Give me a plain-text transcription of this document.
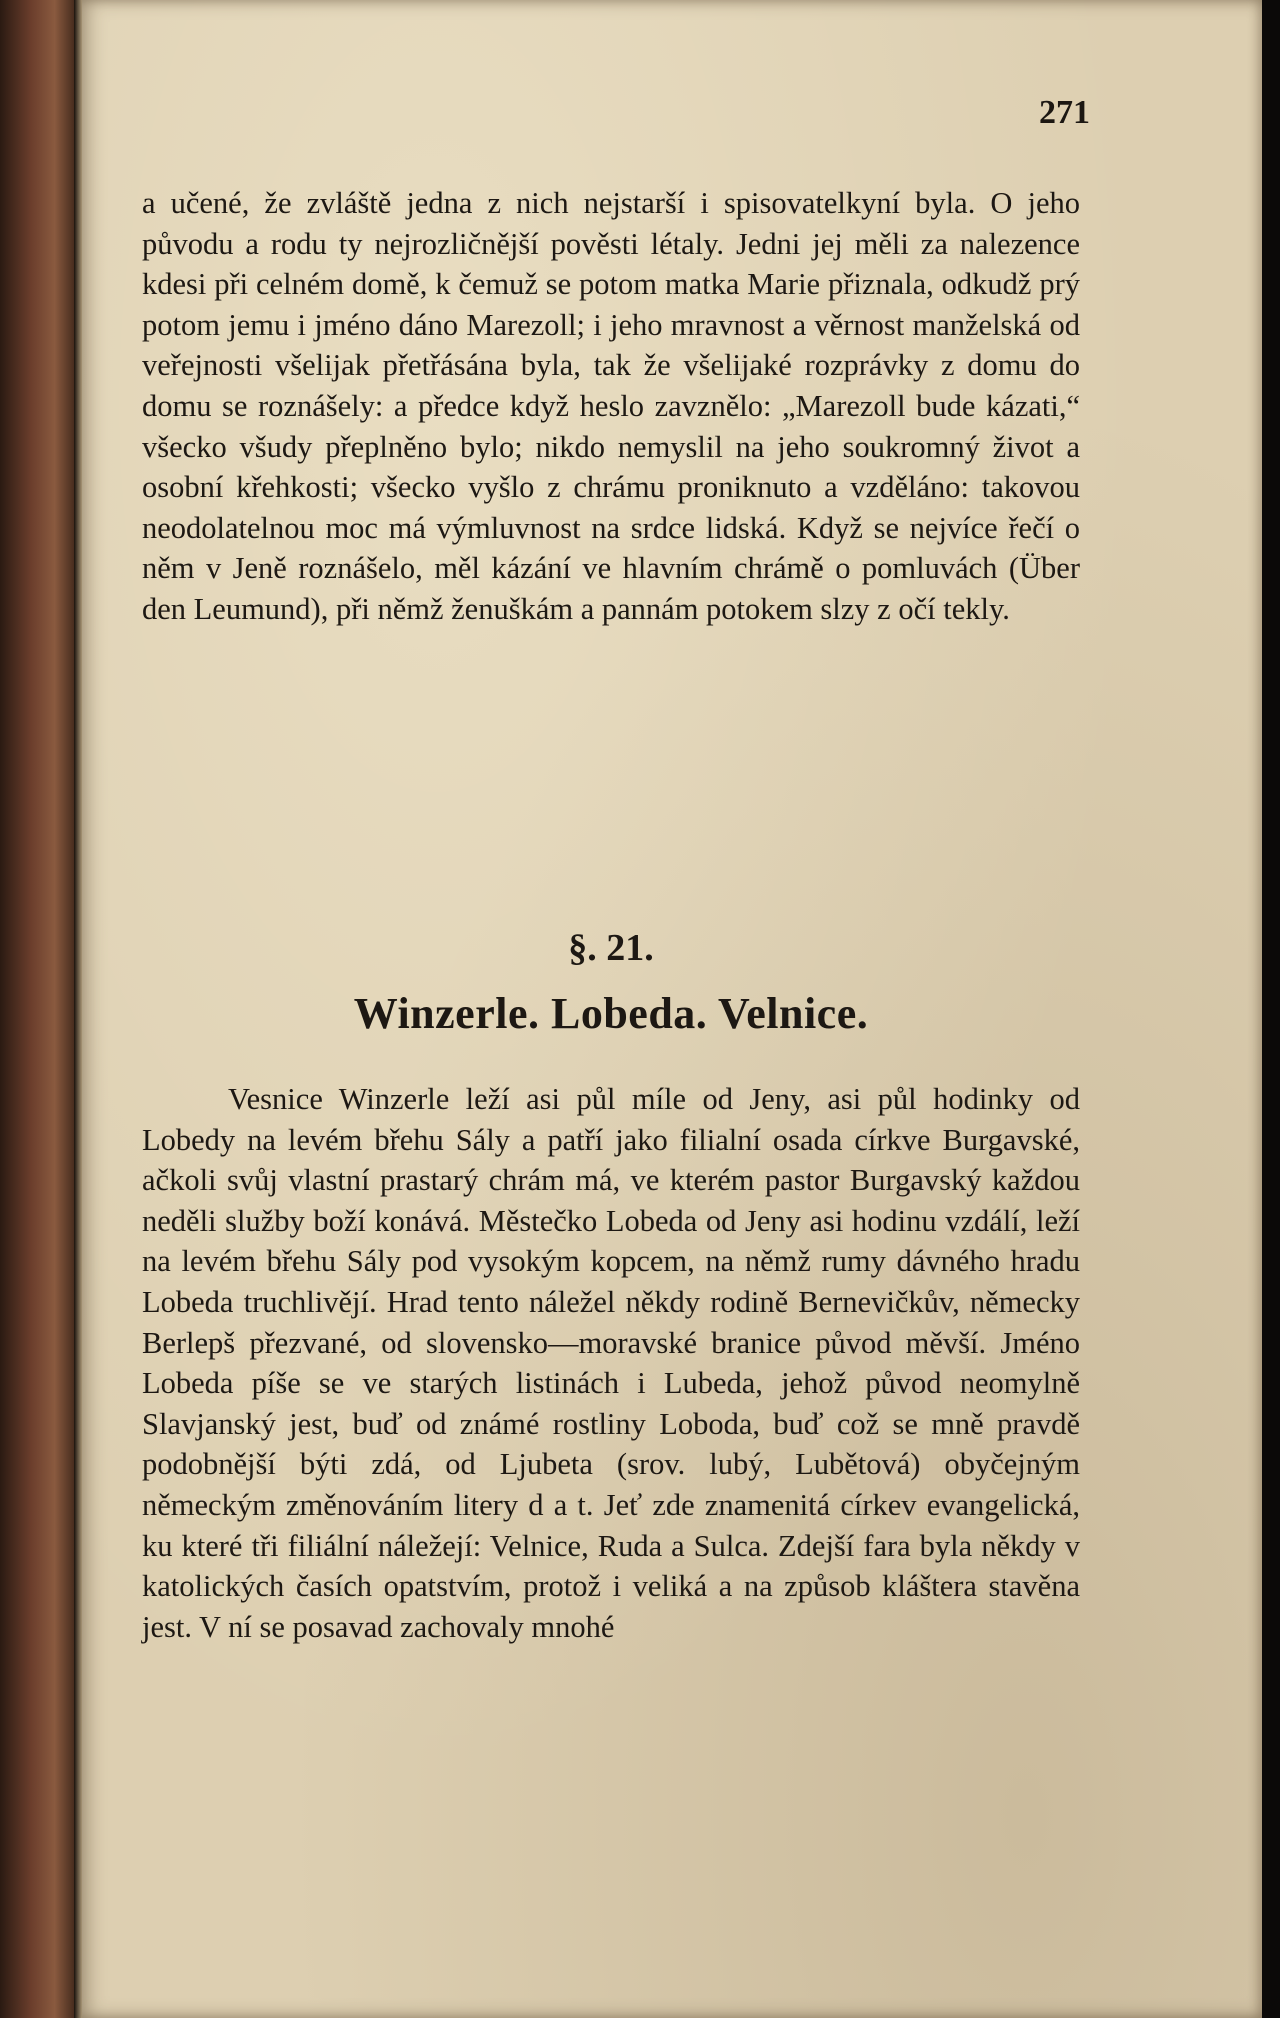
271

a učené, že zvláště jedna z nich nejstarší i spisovatelkyní byla. O jeho původu a rodu ty nejrozličnější pověsti létaly. Jedni jej měli za nalezence kdesi při celném domě, k čemuž se potom matka Marie přiznala, odkudž prý potom jemu i jméno dáno Marezoll; i jeho mravnost a věrnost manželská od veřejnosti všelijak přetřásána byla, tak že všelijaké rozprávky z domu do domu se roznášely: a předce když heslo zavznělo: „Marezoll bude kázati,“ všecko všudy přeplněno bylo; nikdo nemyslil na jeho soukromný život a osobní křehkosti; všecko vyšlo z chrámu proniknuto a vzděláno: takovou neodolatelnou moc má výmluvnost na srdce lidská. Když se nejvíce řečí o něm v Jeně roznášelo, měl kázání ve hlavním chrámě o pomluvách (Über den Leumund), při němž ženuškám a pannám potokem slzy z očí tekly.

§. 21.
Winzerle. Lobeda. Velnice.

Vesnice Winzerle leží asi půl míle od Jeny, asi půl hodinky od Lobedy na levém břehu Sály a patří jako filialní osada církve Burgavské, ačkoli svůj vlastní prastarý chrám má, ve kterém pastor Burgavský každou neděli služby boží konává. Městečko Lobeda od Jeny asi hodinu vzdálí, leží na levém břehu Sály pod vysokým kopcem, na němž rumy dávného hradu Lobeda truchlivějí. Hrad tento náležel někdy rodině Bernevičkův, německy Berlepš přezvané, od slovensko—moravské branice původ měvší. Jméno Lobeda píše se ve starých listinách i Lubeda, jehož původ neomylně Slavjanský jest, buď od známé rostliny Loboda, buď což se mně pravdě podobnější býti zdá, od Ljubeta (srov. lubý, Lubětová) obyčejným německým změnováním litery d a t. Jeť zde znamenitá církev evangelická, ku které tři filiální náležejí: Velnice, Ruda a Sulca. Zdejší fara byla někdy v katolických časích opatstvím, protož i veliká a na způsob kláštera stavěna jest. V ní se posavad zachovaly mnohé
